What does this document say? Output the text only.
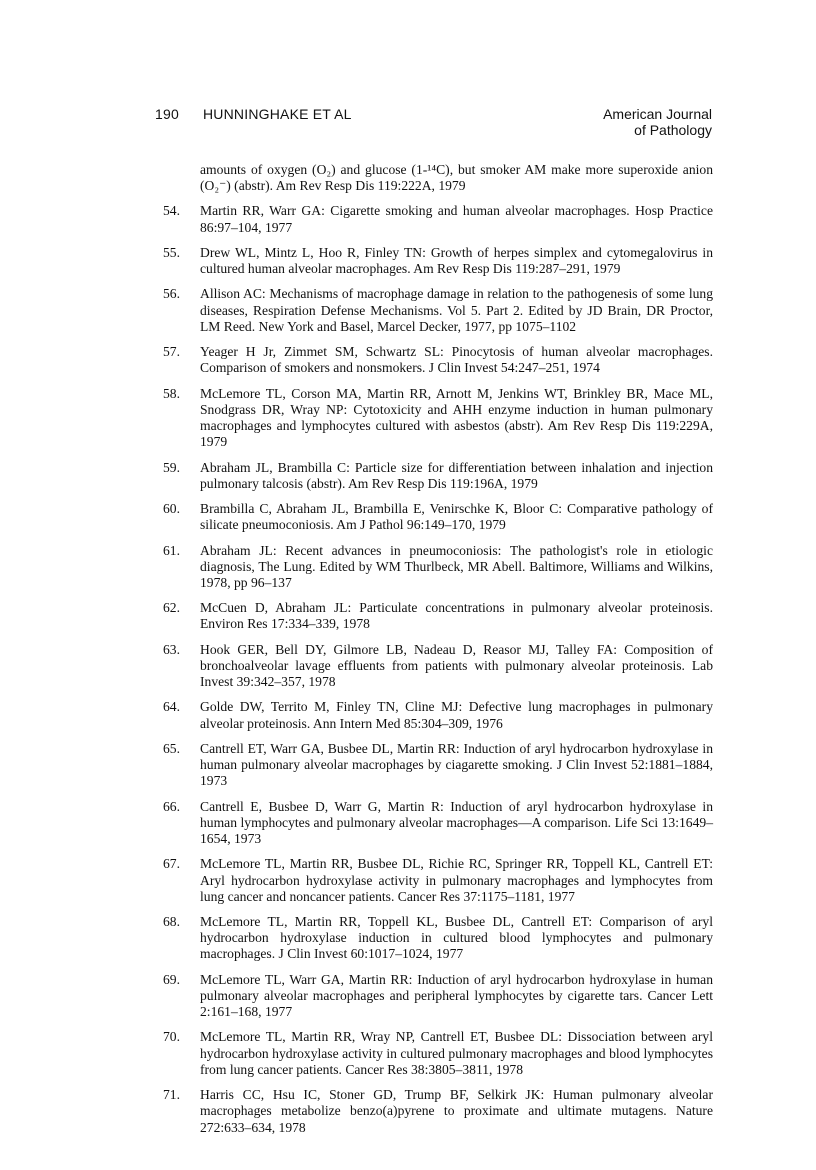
190 HUNNINGHAKE ET AL	American Journal
of Pathology
amounts of oxygen (O₂) and glucose (1-¹⁴C), but smoker AM make more superoxide anion (O₂⁻) (abstr). Am Rev Resp Dis 119:222A, 1979
54. Martin RR, Warr GA: Cigarette smoking and human alveolar macrophages. Hosp Practice 86:97–104, 1977
55. Drew WL, Mintz L, Hoo R, Finley TN: Growth of herpes simplex and cytomegalovirus in cultured human alveolar macrophages. Am Rev Resp Dis 119:287–291, 1979
56. Allison AC: Mechanisms of macrophage damage in relation to the pathogenesis of some lung diseases, Respiration Defense Mechanisms. Vol 5. Part 2. Edited by JD Brain, DR Proctor, LM Reed. New York and Basel, Marcel Decker, 1977, pp 1075–1102
57. Yeager H Jr, Zimmet SM, Schwartz SL: Pinocytosis of human alveolar macrophages. Comparison of smokers and nonsmokers. J Clin Invest 54:247–251, 1974
58. McLemore TL, Corson MA, Martin RR, Arnott M, Jenkins WT, Brinkley BR, Mace ML, Snodgrass DR, Wray NP: Cytotoxicity and AHH enzyme induction in human pulmonary macrophages and lymphocytes cultured with asbestos (abstr). Am Rev Resp Dis 119:229A, 1979
59. Abraham JL, Brambilla C: Particle size for differentiation between inhalation and injection pulmonary talcosis (abstr). Am Rev Resp Dis 119:196A, 1979
60. Brambilla C, Abraham JL, Brambilla E, Venirschke K, Bloor C: Comparative pathology of silicate pneumoconiosis. Am J Pathol 96:149–170, 1979
61. Abraham JL: Recent advances in pneumoconiosis: The pathologist's role in etiologic diagnosis, The Lung. Edited by WM Thurlbeck, MR Abell. Baltimore, Williams and Wilkins, 1978, pp 96–137
62. McCuen D, Abraham JL: Particulate concentrations in pulmonary alveolar proteinosis. Environ Res 17:334–339, 1978
63. Hook GER, Bell DY, Gilmore LB, Nadeau D, Reasor MJ, Talley FA: Composition of bronchoalveolar lavage effluents from patients with pulmonary alveolar proteinosis. Lab Invest 39:342–357, 1978
64. Golde DW, Territo M, Finley TN, Cline MJ: Defective lung macrophages in pulmonary alveolar proteinosis. Ann Intern Med 85:304–309, 1976
65. Cantrell ET, Warr GA, Busbee DL, Martin RR: Induction of aryl hydrocarbon hydroxylase in human pulmonary alveolar macrophages by ciagarette smoking. J Clin Invest 52:1881–1884, 1973
66. Cantrell E, Busbee D, Warr G, Martin R: Induction of aryl hydrocarbon hydroxylase in human lymphocytes and pulmonary alveolar macrophages—A comparison. Life Sci 13:1649–1654, 1973
67. McLemore TL, Martin RR, Busbee DL, Richie RC, Springer RR, Toppell KL, Cantrell ET: Aryl hydrocarbon hydroxylase activity in pulmonary macrophages and lymphocytes from lung cancer and noncancer patients. Cancer Res 37:1175–1181, 1977
68. McLemore TL, Martin RR, Toppell KL, Busbee DL, Cantrell ET: Comparison of aryl hydrocarbon hydroxylase induction in cultured blood lymphocytes and pulmonary macrophages. J Clin Invest 60:1017–1024, 1977
69. McLemore TL, Warr GA, Martin RR: Induction of aryl hydrocarbon hydroxylase in human pulmonary alveolar macrophages and peripheral lymphocytes by cigarette tars. Cancer Lett 2:161–168, 1977
70. McLemore TL, Martin RR, Wray NP, Cantrell ET, Busbee DL: Dissociation between aryl hydrocarbon hydroxylase activity in cultured pulmonary macrophages and blood lymphocytes from lung cancer patients. Cancer Res 38:3805–3811, 1978
71. Harris CC, Hsu IC, Stoner GD, Trump BF, Selkirk JK: Human pulmonary alveolar macrophages metabolize benzo(a)pyrene to proximate and ultimate mutagens. Nature 272:633–634, 1978
